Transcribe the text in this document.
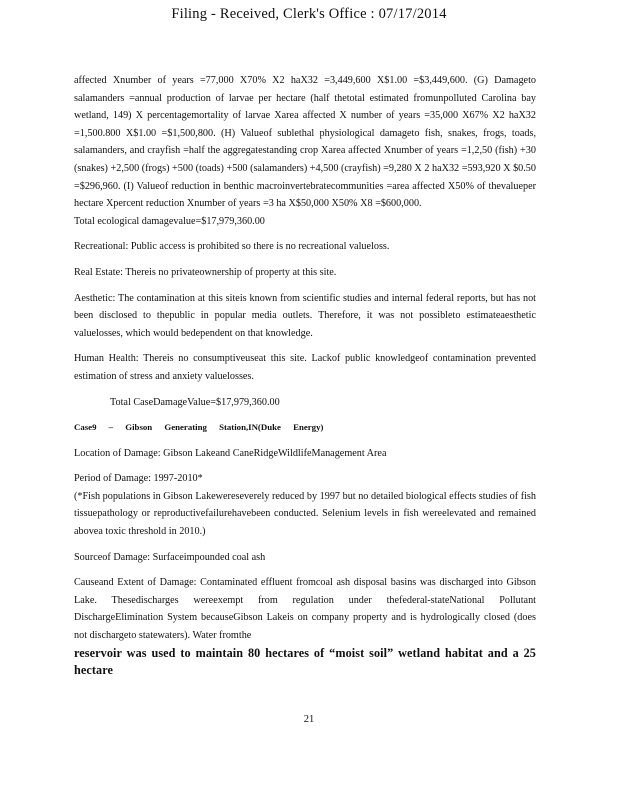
Filing - Received, Clerk's Office : 07/17/2014

affected Xnumber of years =77,000 X70% X2 haX32 =3,449,600 X$1.00 =$3,449,600. (G) Damageto salamanders =annual production of larvae per hectare (half thetotal estimated fromunpolluted Carolina bay wetland, 149) X percentagemortality of larvae Xarea affected X number of years =35,000 X67% X2 haX32 =1,500.800 X$1.00 =$1,500,800. (H) Valueof sublethal physiological damageto fish, snakes, frogs, toads, salamanders, and crayfish =half the aggregatestanding crop Xarea affected Xnumber of years =1,2,50 (fish) +30 (snakes) +2,500 (frogs) +500 (toads) +500 (salamanders) +4,500 (crayfish) =9,280 X 2 haX32 =593,920 X $0.50 =$296,960. (I) Valueof reduction in benthic macroinvertebratecommunities =area affected X50% of thevalueper hectare Xpercent reduction Xnumber of years =3 ha X$50,000 X50% X8 =$600,000.

Total ecological damagevalue=$17,979,360.00

Recreational: Public access is prohibited so there is no recreational valueloss.

Real Estate: Thereis no privateownership of property at this site.

Aesthetic: The contamination at this siteis known from scientific studies and internal federal reports, but has not been disclosed to thepublic in popular media outlets. Therefore, it was not possibleto estimateaesthetic valuelosses, which would bedependent on that knowledge.

Human Health: Thereis no consumptiveuseat this site. Lackof public knowledgeof contamination prevented estimation of stress and anxiety valuelosses.

Total CaseDamageValue=$17,979,360.00

Case9 – Gibson Generating Station,IN(Duke Energy)

Location of Damage: Gibson Lakeand CaneRidgeWildlifeManagement Area

Period of Damage: 1997-2010*

(*Fish populations in Gibson Lakewereseverely reduced by 1997 but no detailed biological effects studies of fish tissuepathology or reproductivefailurehavebeen conducted. Selenium levels in fish wereelevated and remained abovea toxic threshold in 2010.)

Sourceof Damage: Surfaceimpounded coal ash

Causeand Extent of Damage: Contaminated effluent fromcoal ash disposal basins was discharged into Gibson Lake. Thesedischarges wereexempt from regulation under thefederal-stateNational Pollutant DischargeElimination System becauseGibson Lakeis on company property and is hydrologically closed (does not dischargeto statewaters). Water fromthe

reservoir was used to maintain 80 hectares of “moist soil” wetland habitat and a 25 hectare

21
